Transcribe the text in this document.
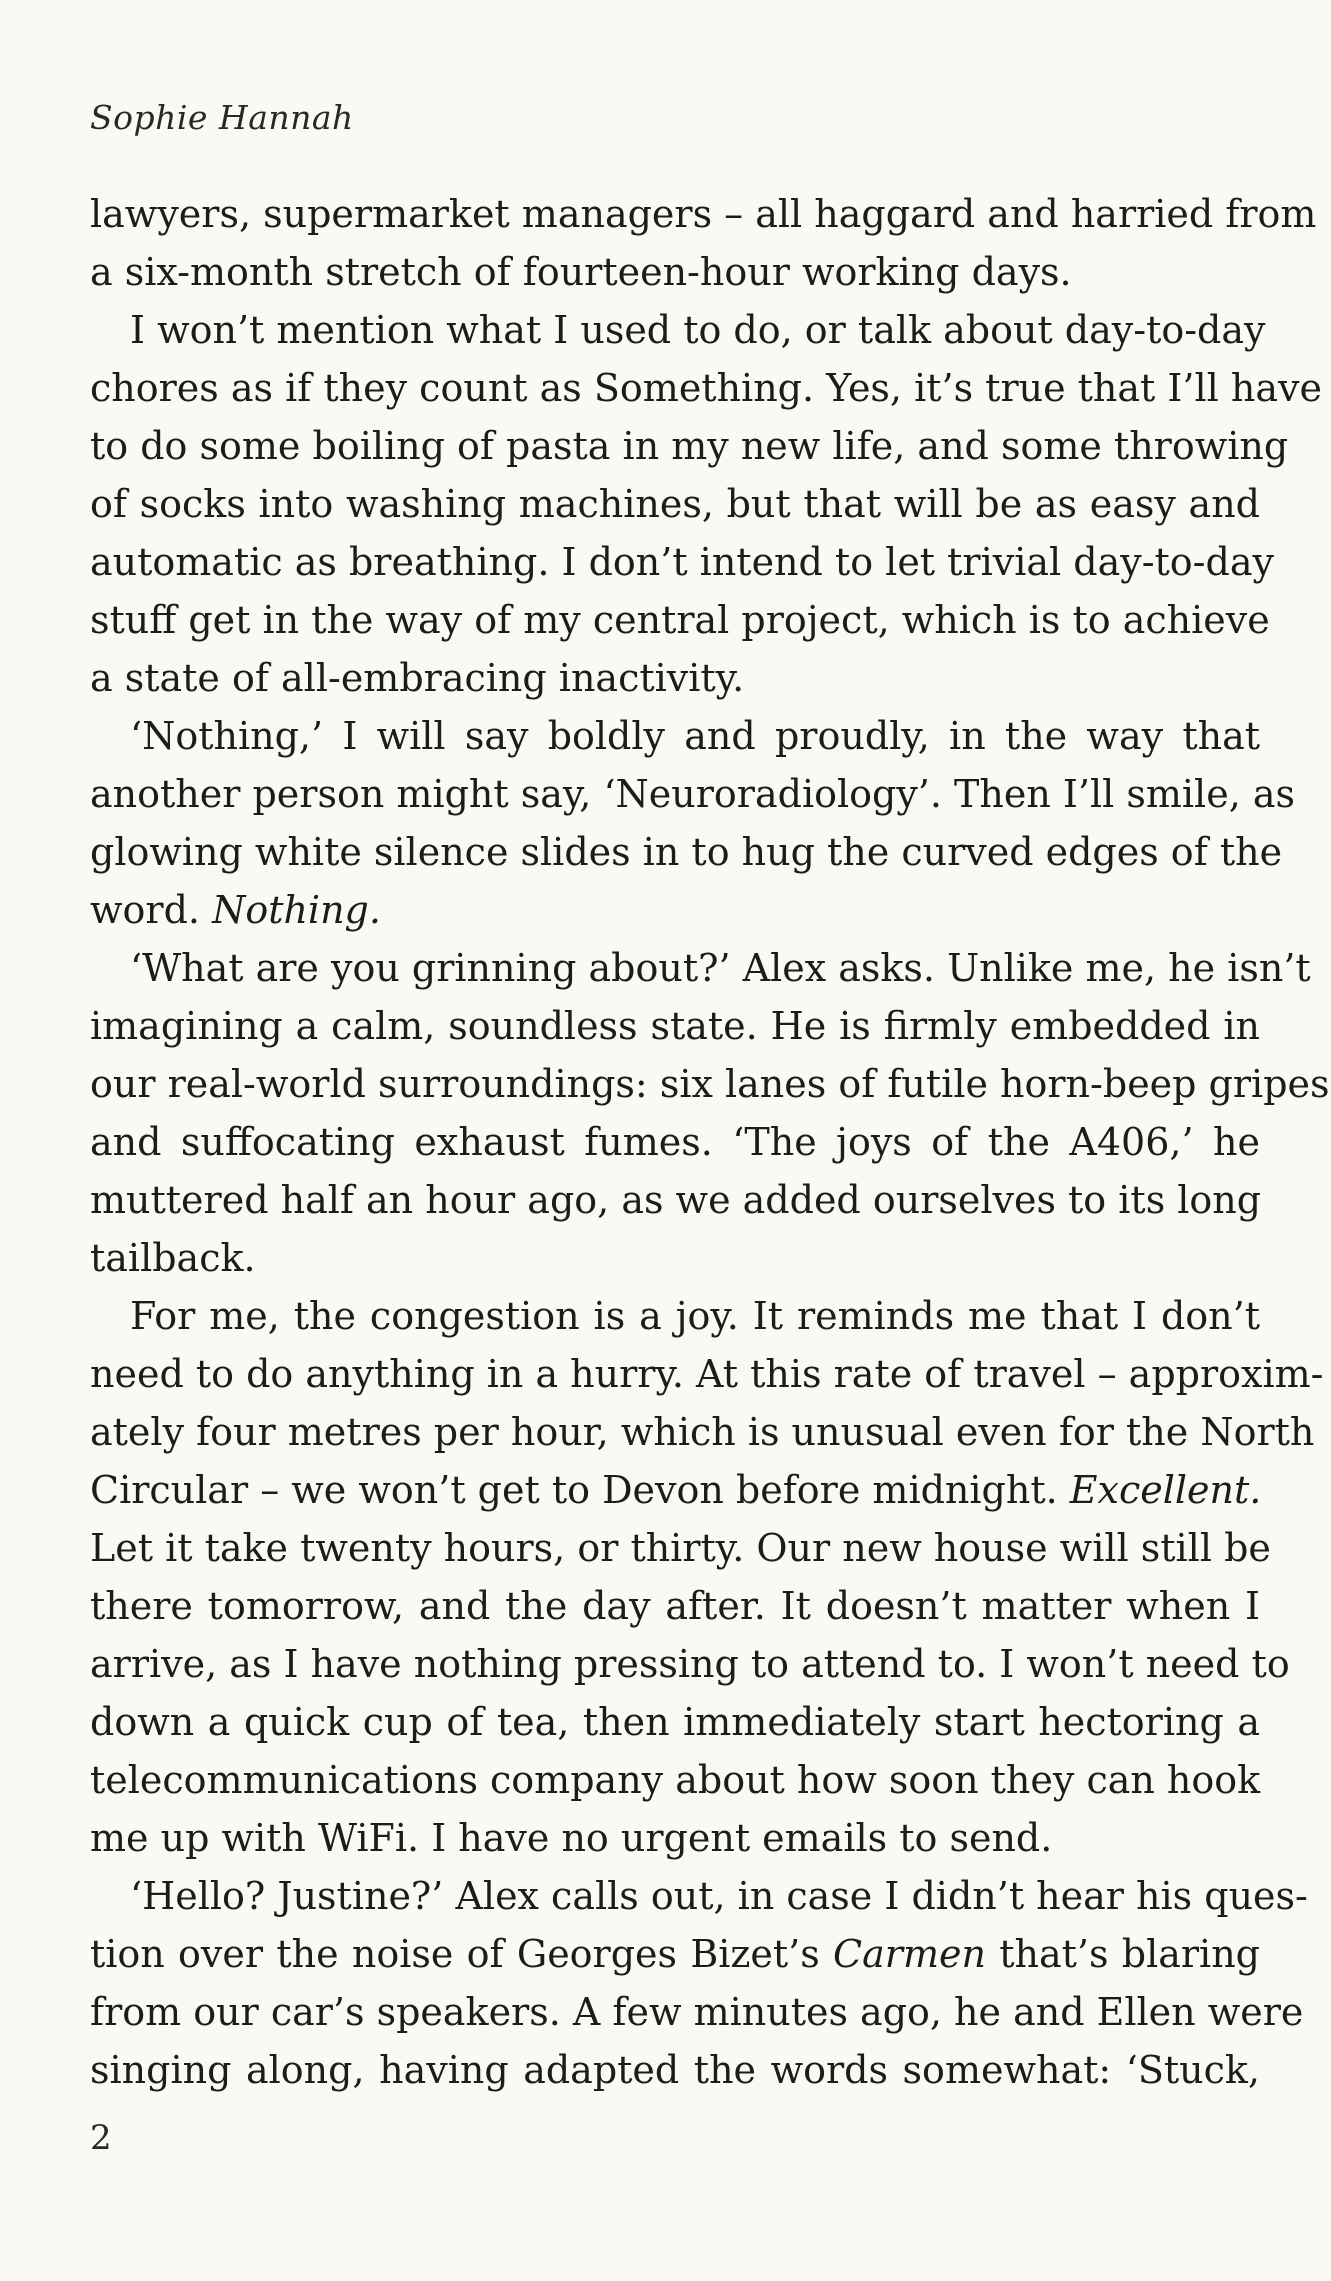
Sophie Hannah

lawyers, supermarket managers – all haggard and harried from
a six-month stretch of fourteen-hour working days.
I won’t mention what I used to do, or talk about day-to-day
chores as if they count as Something. Yes, it’s true that I’ll have
to do some boiling of pasta in my new life, and some throwing
of socks into washing machines, but that will be as easy and
automatic as breathing. I don’t intend to let trivial day-to-day
stuff get in the way of my central project, which is to achieve
a state of all-embracing inactivity.
‘Nothing,’ I will say boldly and proudly, in the way that
another person might say, ‘Neuroradiology’. Then I’ll smile, as
glowing white silence slides in to hug the curved edges of the
word. Nothing.
‘What are you grinning about?’ Alex asks. Unlike me, he isn’t
imagining a calm, soundless state. He is firmly embedded in
our real-world surroundings: six lanes of futile horn-beep gripes
and suffocating exhaust fumes. ‘The joys of the A406,’ he
muttered half an hour ago, as we added ourselves to its long
tailback.
For me, the congestion is a joy. It reminds me that I don’t
need to do anything in a hurry. At this rate of travel – approxim-
ately four metres per hour, which is unusual even for the North
Circular – we won’t get to Devon before midnight. Excellent.
Let it take twenty hours, or thirty. Our new house will still be
there tomorrow, and the day after. It doesn’t matter when I
arrive, as I have nothing pressing to attend to. I won’t need to
down a quick cup of tea, then immediately start hectoring a
telecommunications company about how soon they can hook
me up with WiFi. I have no urgent emails to send.
‘Hello? Justine?’ Alex calls out, in case I didn’t hear his ques-
tion over the noise of Georges Bizet’s Carmen that’s blaring
from our car’s speakers. A few minutes ago, he and Ellen were
singing along, having adapted the words somewhat: ‘Stuck,

2
